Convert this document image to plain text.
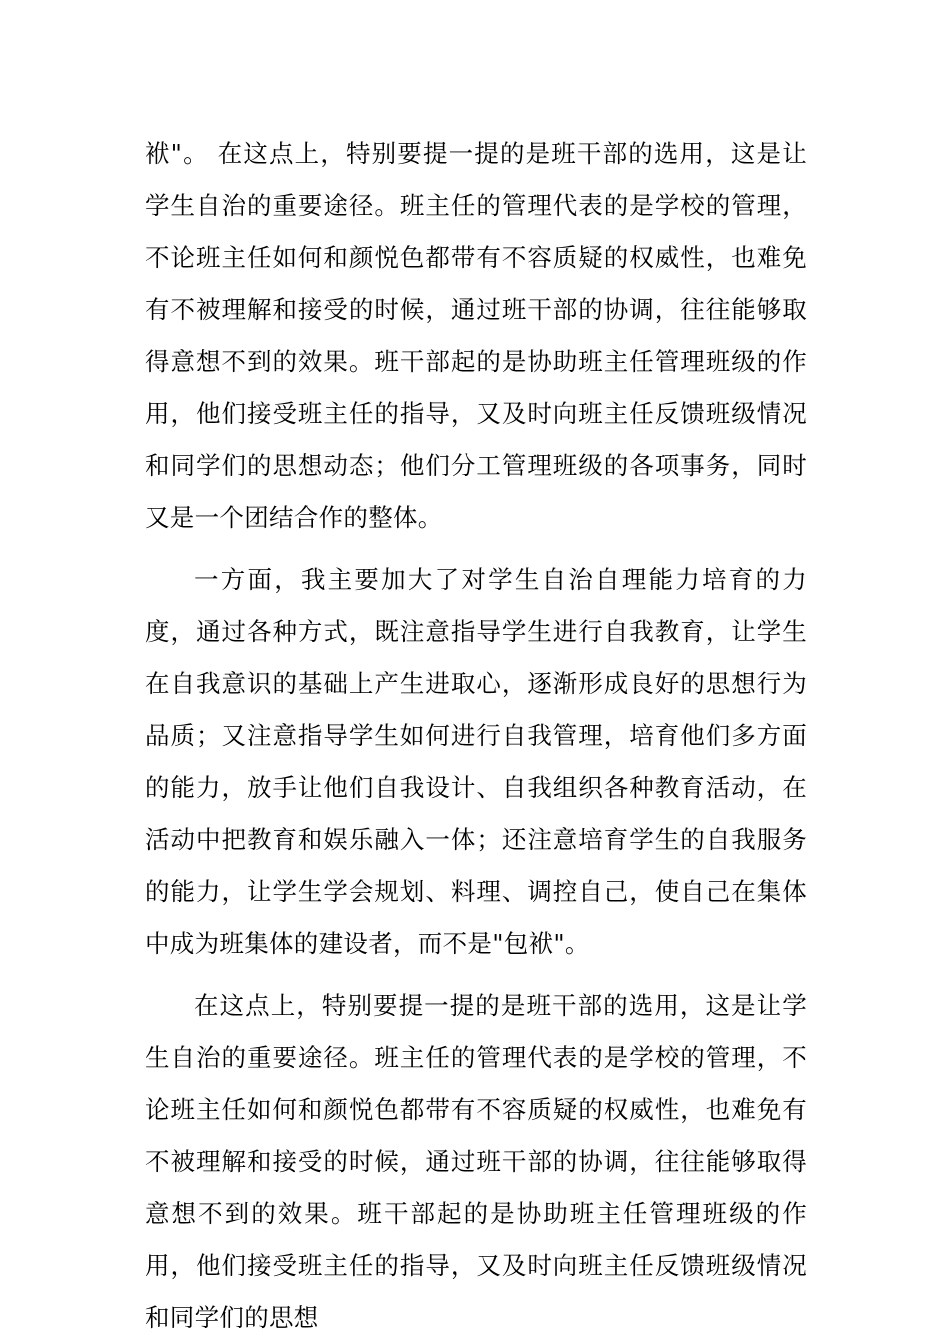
袱"。 在这点上，特别要提一提的是班干部的选用，这是让学生自治的重要途径。班主任的管理代表的是学校的管理，不论班主任如何和颜悦色都带有不容质疑的权威性，也难免有不被理解和接受的时候，通过班干部的协调，往往能够取得意想不到的效果。班干部起的是协助班主任管理班级的作用，他们接受班主任的指导，又及时向班主任反馈班级情况和同学们的思想动态；他们分工管理班级的各项事务，同时又是一个团结合作的整体。

一方面，我主要加大了对学生自治自理能力培育的力度，通过各种方式，既注意指导学生进行自我教育，让学生在自我意识的基础上产生进取心，逐渐形成良好的思想行为品质；又注意指导学生如何进行自我管理，培育他们多方面的能力，放手让他们自我设计、自我组织各种教育活动，在活动中把教育和娱乐融入一体；还注意培育学生的自我服务的能力，让学生学会规划、料理、调控自己，使自己在集体中成为班集体的建设者，而不是"包袱"。

在这点上，特别要提一提的是班干部的选用，这是让学生自治的重要途径。班主任的管理代表的是学校的管理，不论班主任如何和颜悦色都带有不容质疑的权威性，也难免有不被理解和接受的时候，通过班干部的协调，往往能够取得意想不到的效果。班干部起的是协助班主任管理班级的作用，他们接受班主任的指导，又及时向班主任反馈班级情况和同学们的思想
